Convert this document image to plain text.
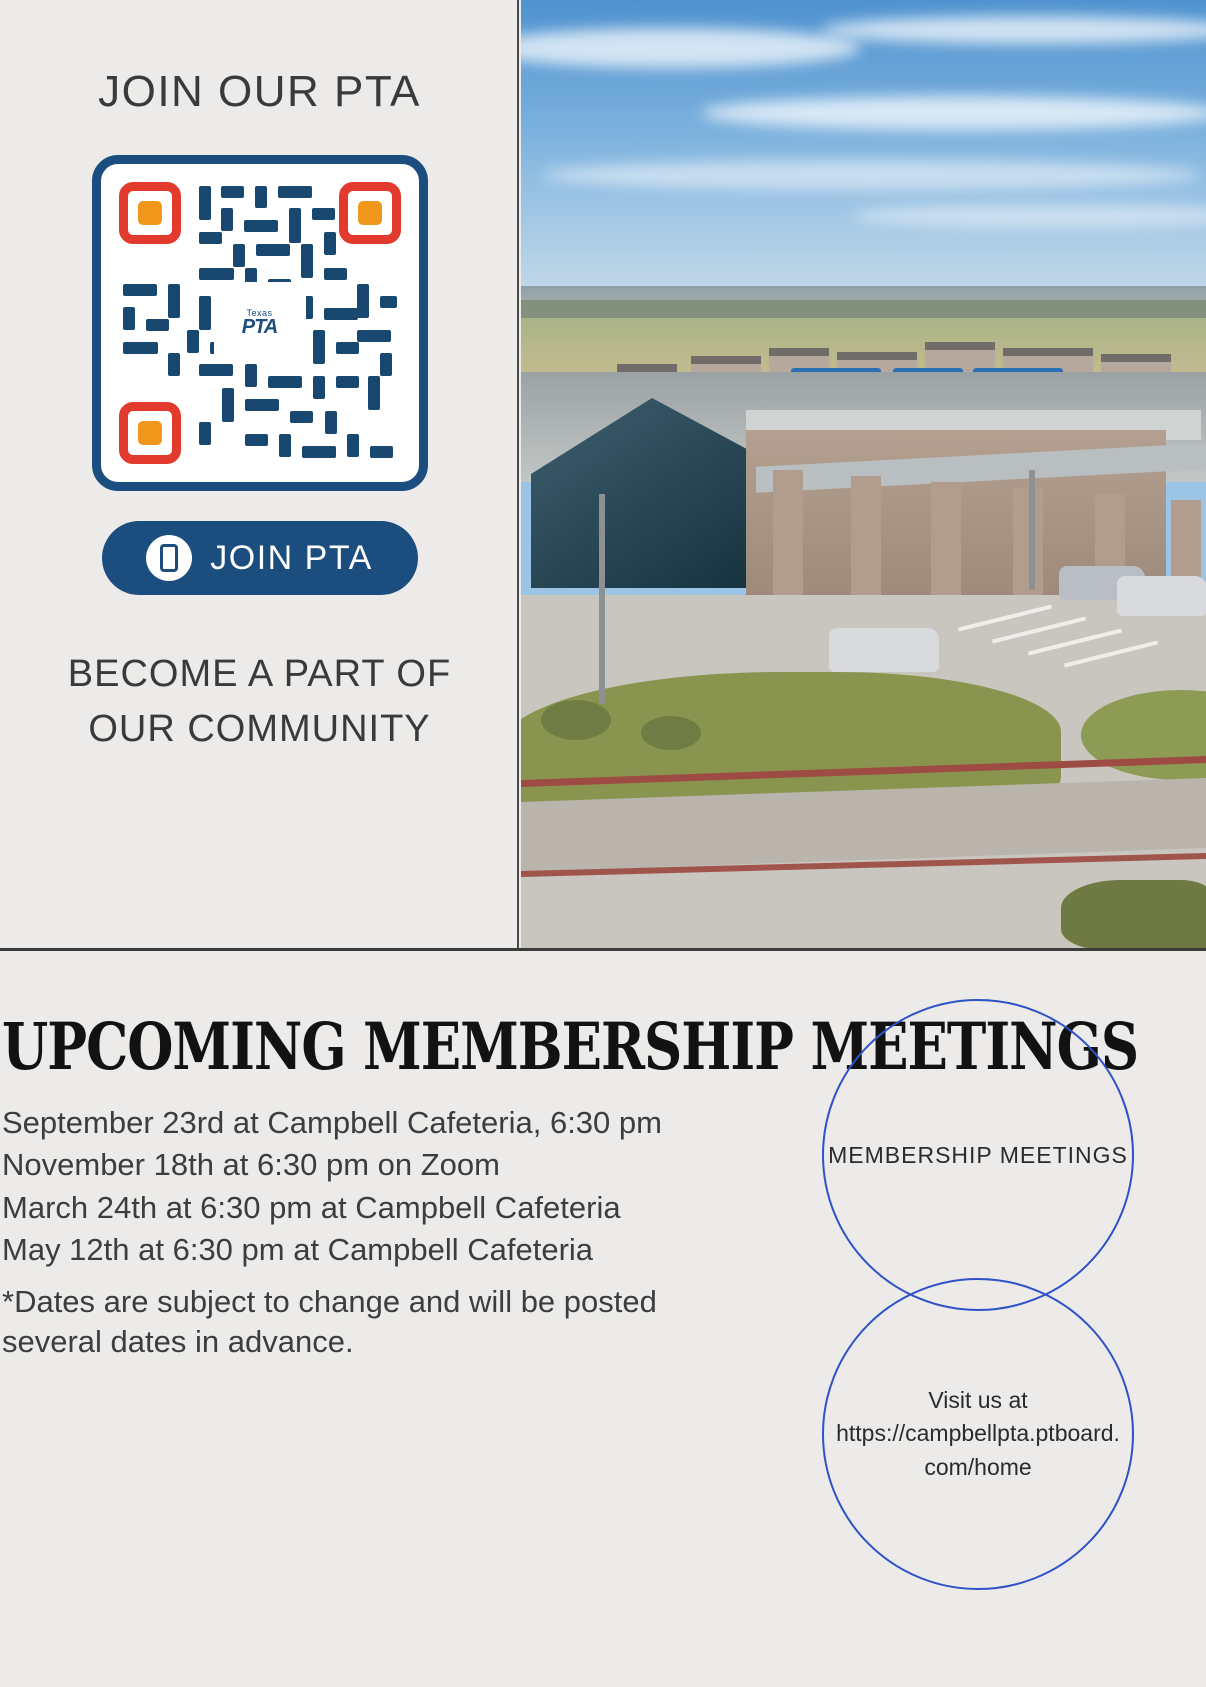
JOIN OUR PTA
Texas
PTA
JOIN PTA
BECOME A PART OF OUR COMMUNITY
UPCOMING MEMBERSHIP MEETINGS

September 23rd at Campbell Cafeteria, 6:30 pm

November 18th at 6:30 pm on Zoom

March 24th at 6:30 pm at Campbell Cafeteria

May 12th at 6:30 pm at Campbell Cafeteria

*Dates are subject to change and will be posted several dates in advance.

MEMBERSHIP MEETINGS
Visit us at https://campbellpta.ptboard.com/home
